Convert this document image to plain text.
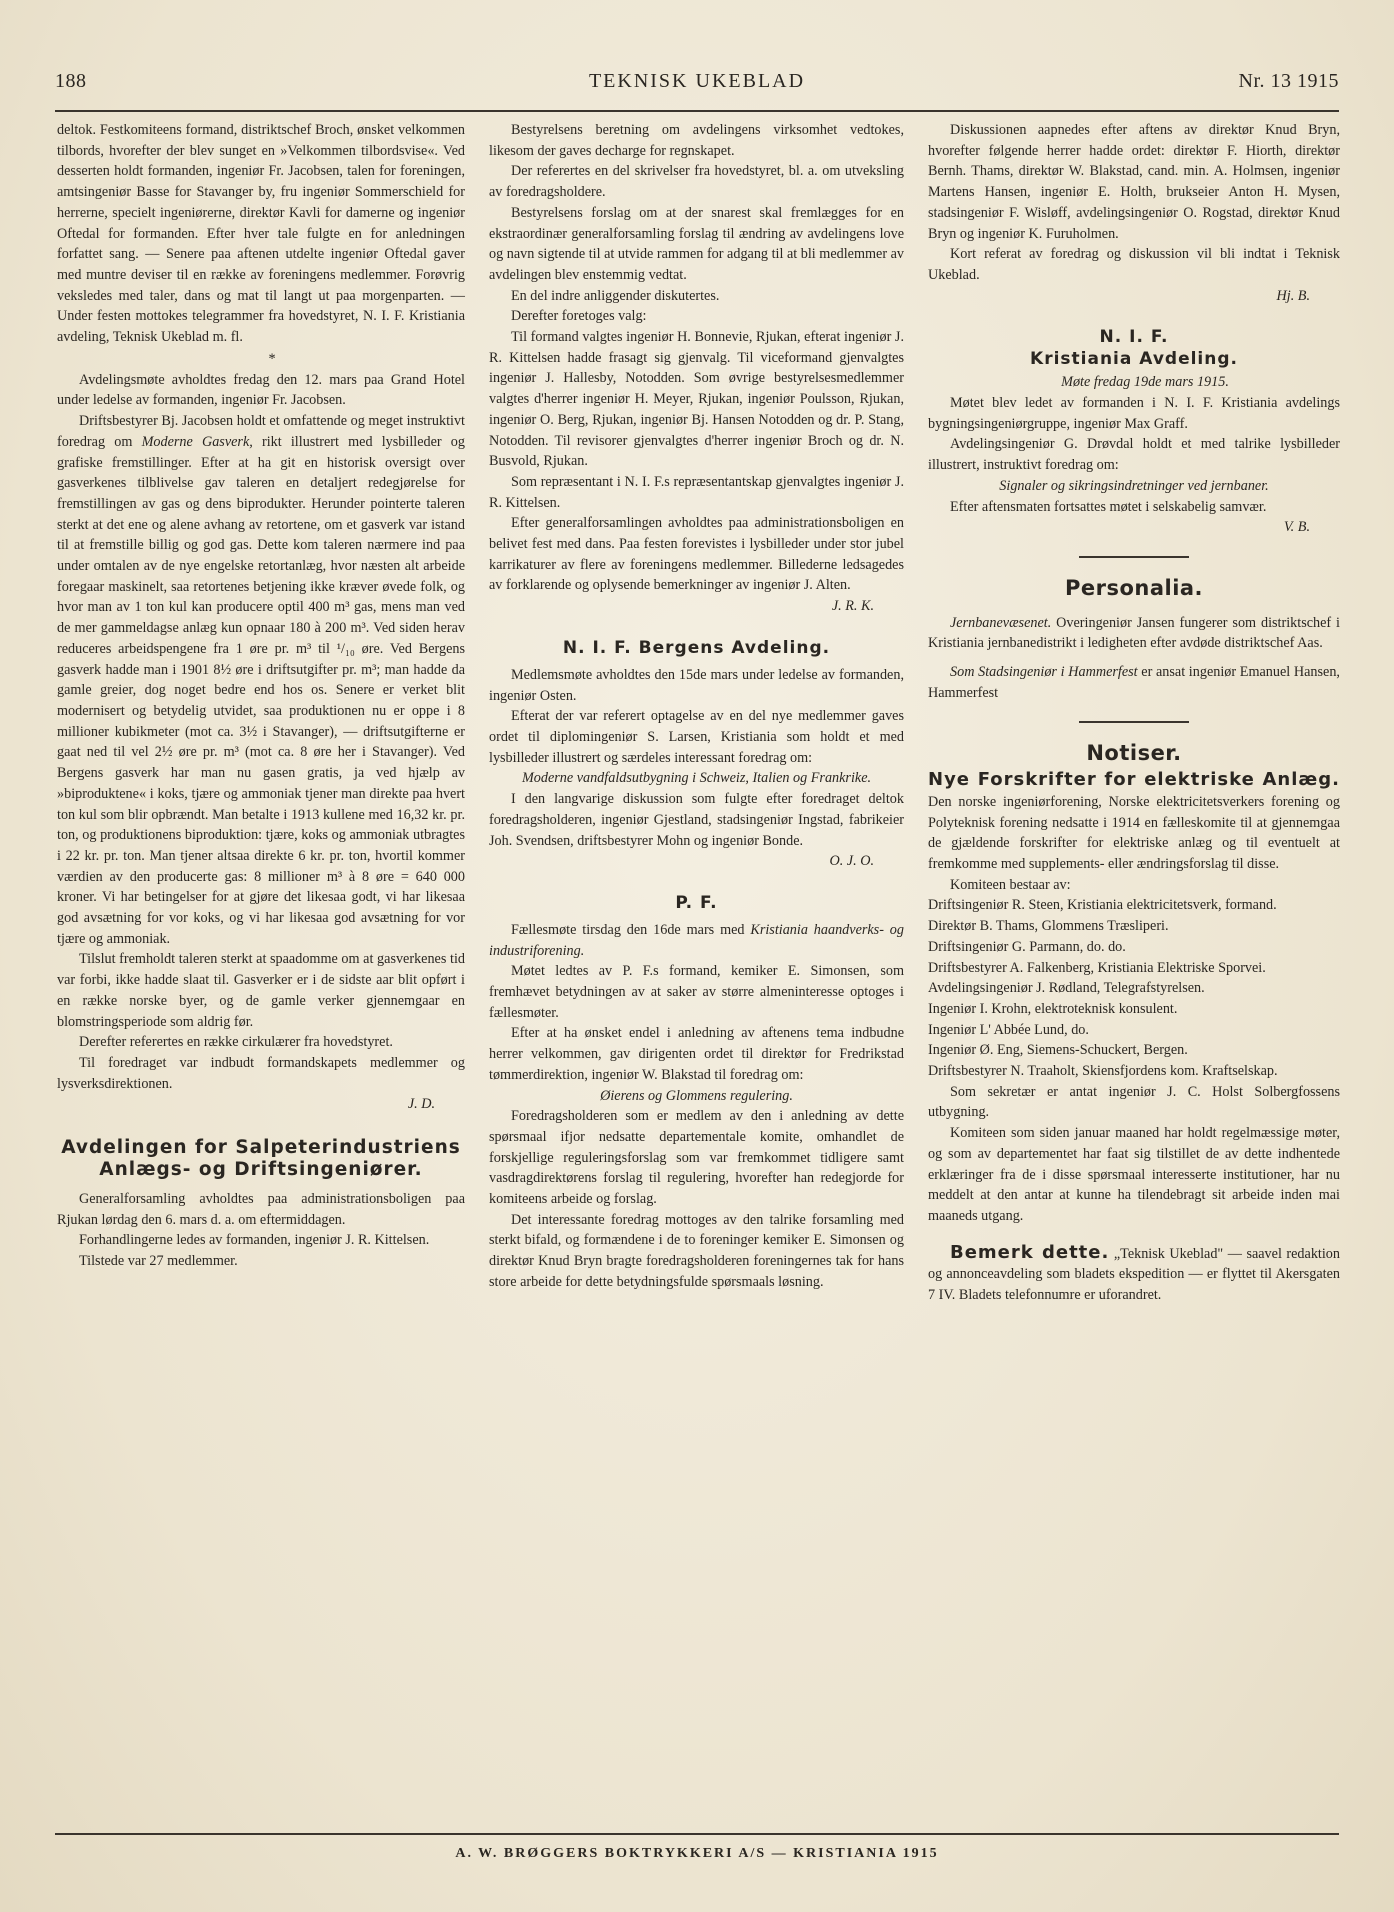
188	TEKNISK UKEBLAD	Nr. 13 1915

deltok. Festkomiteens formand, distriktschef Broch, ønsket velkommen tilbords, hvorefter der blev sunget en »Velkommen tilbordsvise«. Ved desserten holdt formanden, ingeniør Fr. Jacobsen, talen for foreningen, amtsingeniør Basse for Stavanger by, fru ingeniør Sommerschield for herrerne, specielt ingeniørerne, direktør Kavli for damerne og ingeniør Oftedal for formanden. Efter hver tale fulgte en for anledningen forfattet sang. — Senere paa aftenen utdelte ingeniør Oftedal gaver med muntre deviser til en række av foreningens medlemmer. Forøvrig veksledes med taler, dans og mat til langt ut paa morgenparten. — Under festen mottokes telegrammer fra hovedstyret, N. I. F. Kristiania avdeling, Teknisk Ukeblad m. fl.

*

Avdelingsmøte avholdtes fredag den 12. mars paa Grand Hotel under ledelse av formanden, ingeniør Fr. Jacobsen.

Driftsbestyrer Bj. Jacobsen holdt et omfattende og meget instruktivt foredrag om Moderne Gasverk, rikt illustrert med lysbilleder og grafiske fremstillinger. Efter at ha git en historisk oversigt over gasverkenes tilblivelse gav taleren en detaljert redegjørelse for fremstillingen av gas og dens biprodukter. Herunder pointerte taleren sterkt at det ene og alene avhang av retortene, om et gasverk var istand til at fremstille billig og god gas. Dette kom taleren nærmere ind paa under omtalen av de nye engelske retortanlæg, hvor næsten alt arbeide foregaar maskinelt, saa retortenes betjening ikke kræver øvede folk, og hvor man av 1 ton kul kan producere optil 400 m³ gas, mens man ved de mer gammeldagse anlæg kun opnaar 180 à 200 m³. Ved siden herav reduceres arbeidspengene fra 1 øre pr. m³ til ¹/₁₀ øre. Ved Bergens gasverk hadde man i 1901 8½ øre i driftsutgifter pr. m³; man hadde da gamle greier, dog noget bedre end hos os. Senere er verket blit modernisert og betydelig utvidet, saa produktionen nu er oppe i 8 millioner kubikmeter (mot ca. 3½ i Stavanger), — driftsutgifterne er gaat ned til vel 2½ øre pr. m³ (mot ca. 8 øre her i Stavanger). Ved Bergens gasverk har man nu gasen gratis, ja ved hjælp av »biproduktene« i koks, tjære og ammoniak tjener man direkte paa hvert ton kul som blir opbrændt. Man betalte i 1913 kullene med 16,32 kr. pr. ton, og produktionens biproduktion: tjære, koks og ammoniak utbragtes i 22 kr. pr. ton. Man tjener altsaa direkte 6 kr. pr. ton, hvortil kommer værdien av den producerte gas: 8 millioner m³ à 8 øre = 640 000 kroner. Vi har betingelser for at gjøre det likesaa godt, vi har likesaa god avsætning for vor koks, og vi har likesaa god avsætning for vor tjære og ammoniak.

Tilslut fremholdt taleren sterkt at spaadomme om at gasverkenes tid var forbi, ikke hadde slaat til. Gasverker er i de sidste aar blit opført i en række norske byer, og de gamle verker gjennemgaar en blomstringsperiode som aldrig før.

Derefter referertes en række cirkulærer fra hovedstyret.

Til foredraget var indbudt formandskapets medlemmer og lysverksdirektionen.

J. D.

Avdelingen for Salpeterindustriens Anlægs- og Driftsingeniører.

Generalforsamling avholdtes paa administrationsboligen paa Rjukan lørdag den 6. mars d. a. om eftermiddagen.

Forhandlingerne ledes av formanden, ingeniør J. R. Kittelsen.

Tilstede var 27 medlemmer.

Bestyrelsens beretning om avdelingens virksomhet vedtokes, likesom der gaves decharge for regnskapet.

Der referertes en del skrivelser fra hovedstyret, bl. a. om utveksling av foredragsholdere.

Bestyrelsens forslag om at der snarest skal fremlægges for en ekstraordinær generalforsamling forslag til ændring av avdelingens love og navn sigtende til at utvide rammen for adgang til at bli medlemmer av avdelingen blev enstemmig vedtat.

En del indre anliggender diskutertes.

Derefter foretoges valg:

Til formand valgtes ingeniør H. Bonnevie, Rjukan, efterat ingeniør J. R. Kittelsen hadde frasagt sig gjenvalg. Til viceformand gjenvalgtes ingeniør J. Hallesby, Notodden. Som øvrige bestyrelsesmedlemmer valgtes d'herrer ingeniør H. Meyer, Rjukan, ingeniør Poulsson, Rjukan, ingeniør O. Berg, Rjukan, ingeniør Bj. Hansen Notodden og dr. P. Stang, Notodden. Til revisorer gjenvalgtes d'herrer ingeniør Broch og dr. N. Busvold, Rjukan.

Som repræsentant i N. I. F.s repræsentantskap gjenvalgtes ingeniør J. R. Kittelsen.

Efter generalforsamlingen avholdtes paa administrationsboligen en belivet fest med dans. Paa festen forevistes i lysbilleder under stor jubel karrikaturer av flere av foreningens medlemmer. Billederne ledsagedes av forklarende og oplysende bemerkninger av ingeniør J. Alten.

J. R. K.

N. I. F. Bergens Avdeling.

Medlemsmøte avholdtes den 15de mars under ledelse av formanden, ingeniør Osten.

Efterat der var referert optagelse av en del nye medlemmer gaves ordet til diplomingeniør S. Larsen, Kristiania som holdt et med lysbilleder illustrert og særdeles interessant foredrag om:

Moderne vandfaldsutbygning i Schweiz, Italien og Frankrike.

I den langvarige diskussion som fulgte efter foredraget deltok foredragsholderen, ingeniør Gjestland, stadsingeniør Ingstad, fabrikeier Joh. Svendsen, driftsbestyrer Mohn og ingeniør Bonde.

O. J. O.

P. F.

Fællesmøte tirsdag den 16de mars med Kristiania haandverks- og industriforening.

Møtet ledtes av P. F.s formand, kemiker E. Simonsen, som fremhævet betydningen av at saker av større almeninteresse optoges i fællesmøter.

Efter at ha ønsket endel i anledning av aftenens tema indbudne herrer velkommen, gav dirigenten ordet til direktør for Fredrikstad tømmerdirektion, ingeniør W. Blakstad til foredrag om:

Øierens og Glommens regulering.

Foredragsholderen som er medlem av den i anledning av dette spørsmaal ifjor nedsatte departementale komite, omhandlet de forskjellige reguleringsforslag som var fremkommet tidligere samt vasdragdirektørens forslag til regulering, hvorefter han redegjorde for komiteens arbeide og forslag.

Det interessante foredrag mottoges av den talrike forsamling med sterkt bifald, og formændene i de to foreninger kemiker E. Simonsen og direktør Knud Bryn bragte foredragsholderen foreningernes tak for hans store arbeide for dette betydningsfulde spørsmaals løsning.

Diskussionen aapnedes efter aftens av direktør Knud Bryn, hvorefter følgende herrer hadde ordet: direktør F. Hiorth, direktør Bernh. Thams, direktør W. Blakstad, cand. min. A. Holmsen, ingeniør Martens Hansen, ingeniør E. Holth, brukseier Anton H. Mysen, stadsingeniør F. Wisløff, avdelingsingeniør O. Rogstad, direktør Knud Bryn og ingeniør K. Furuholmen.

Kort referat av foredrag og diskussion vil bli indtat i Teknisk Ukeblad.

Hj. B.

N. I. F.
Kristiania Avdeling.

Møte fredag 19de mars 1915.

Møtet blev ledet av formanden i N. I. F. Kristiania avdelings bygningsingeniørgruppe, ingeniør Max Graff.

Avdelingsingeniør G. Drøvdal holdt et med talrike lysbilleder illustrert, instruktivt foredrag om:

Signaler og sikringsindretninger ved jernbaner.

Efter aftensmaten fortsattes møtet i selskabelig samvær.

V. B.

Personalia.

Jernbanevæsenet. Overingeniør Jansen fungerer som distriktschef i Kristiania jernbanedistrikt i ledigheten efter avdøde distriktschef Aas.

Som Stadsingeniør i Hammerfest er ansat ingeniør Emanuel Hansen, Hammerfest

Notiser.

Nye Forskrifter for elektriske Anlæg. Den norske ingeniørforening, Norske elektricitetsverkers forening og Polyteknisk forening nedsatte i 1914 en fælleskomite til at gjennemgaa de gjældende forskrifter for elektriske anlæg og til eventuelt at fremkomme med supplements- eller ændringsforslag til disse.

Komiteen bestaar av:

Driftsingeniør R. Steen, Kristiania elektricitetsverk, formand.

Direktør B. Thams, Glommens Træsliperi.

Driftsingeniør G. Parmann, do. do.

Driftsbestyrer A. Falkenberg, Kristiania Elektriske Sporvei.

Avdelingsingeniør J. Rødland, Telegrafstyrelsen.

Ingeniør I. Krohn, elektroteknisk konsulent.

Ingeniør L' Abbée Lund, do.

Ingeniør Ø. Eng, Siemens-Schuckert, Bergen.

Driftsbestyrer N. Traaholt, Skiensfjordens kom. Kraftselskap.

Som sekretær er antat ingeniør J. C. Holst Solbergfossens utbygning.

Komiteen som siden januar maaned har holdt regelmæssige møter, og som av departementet har faat sig tilstillet de av dette indhentede erklæringer fra de i disse spørsmaal interesserte institutioner, har nu meddelt at den antar at kunne ha tilendebragt sit arbeide inden mai maaneds utgang.

Bemerk dette. „Teknisk Ukeblad" — saavel redaktion og annonceavdeling som bladets ekspedition — er flyttet til Akersgaten 7 IV. Bladets telefonnumre er uforandret.

A. W. BRØGGERS BOKTRYKKERI A/S — KRISTIANIA 1915
